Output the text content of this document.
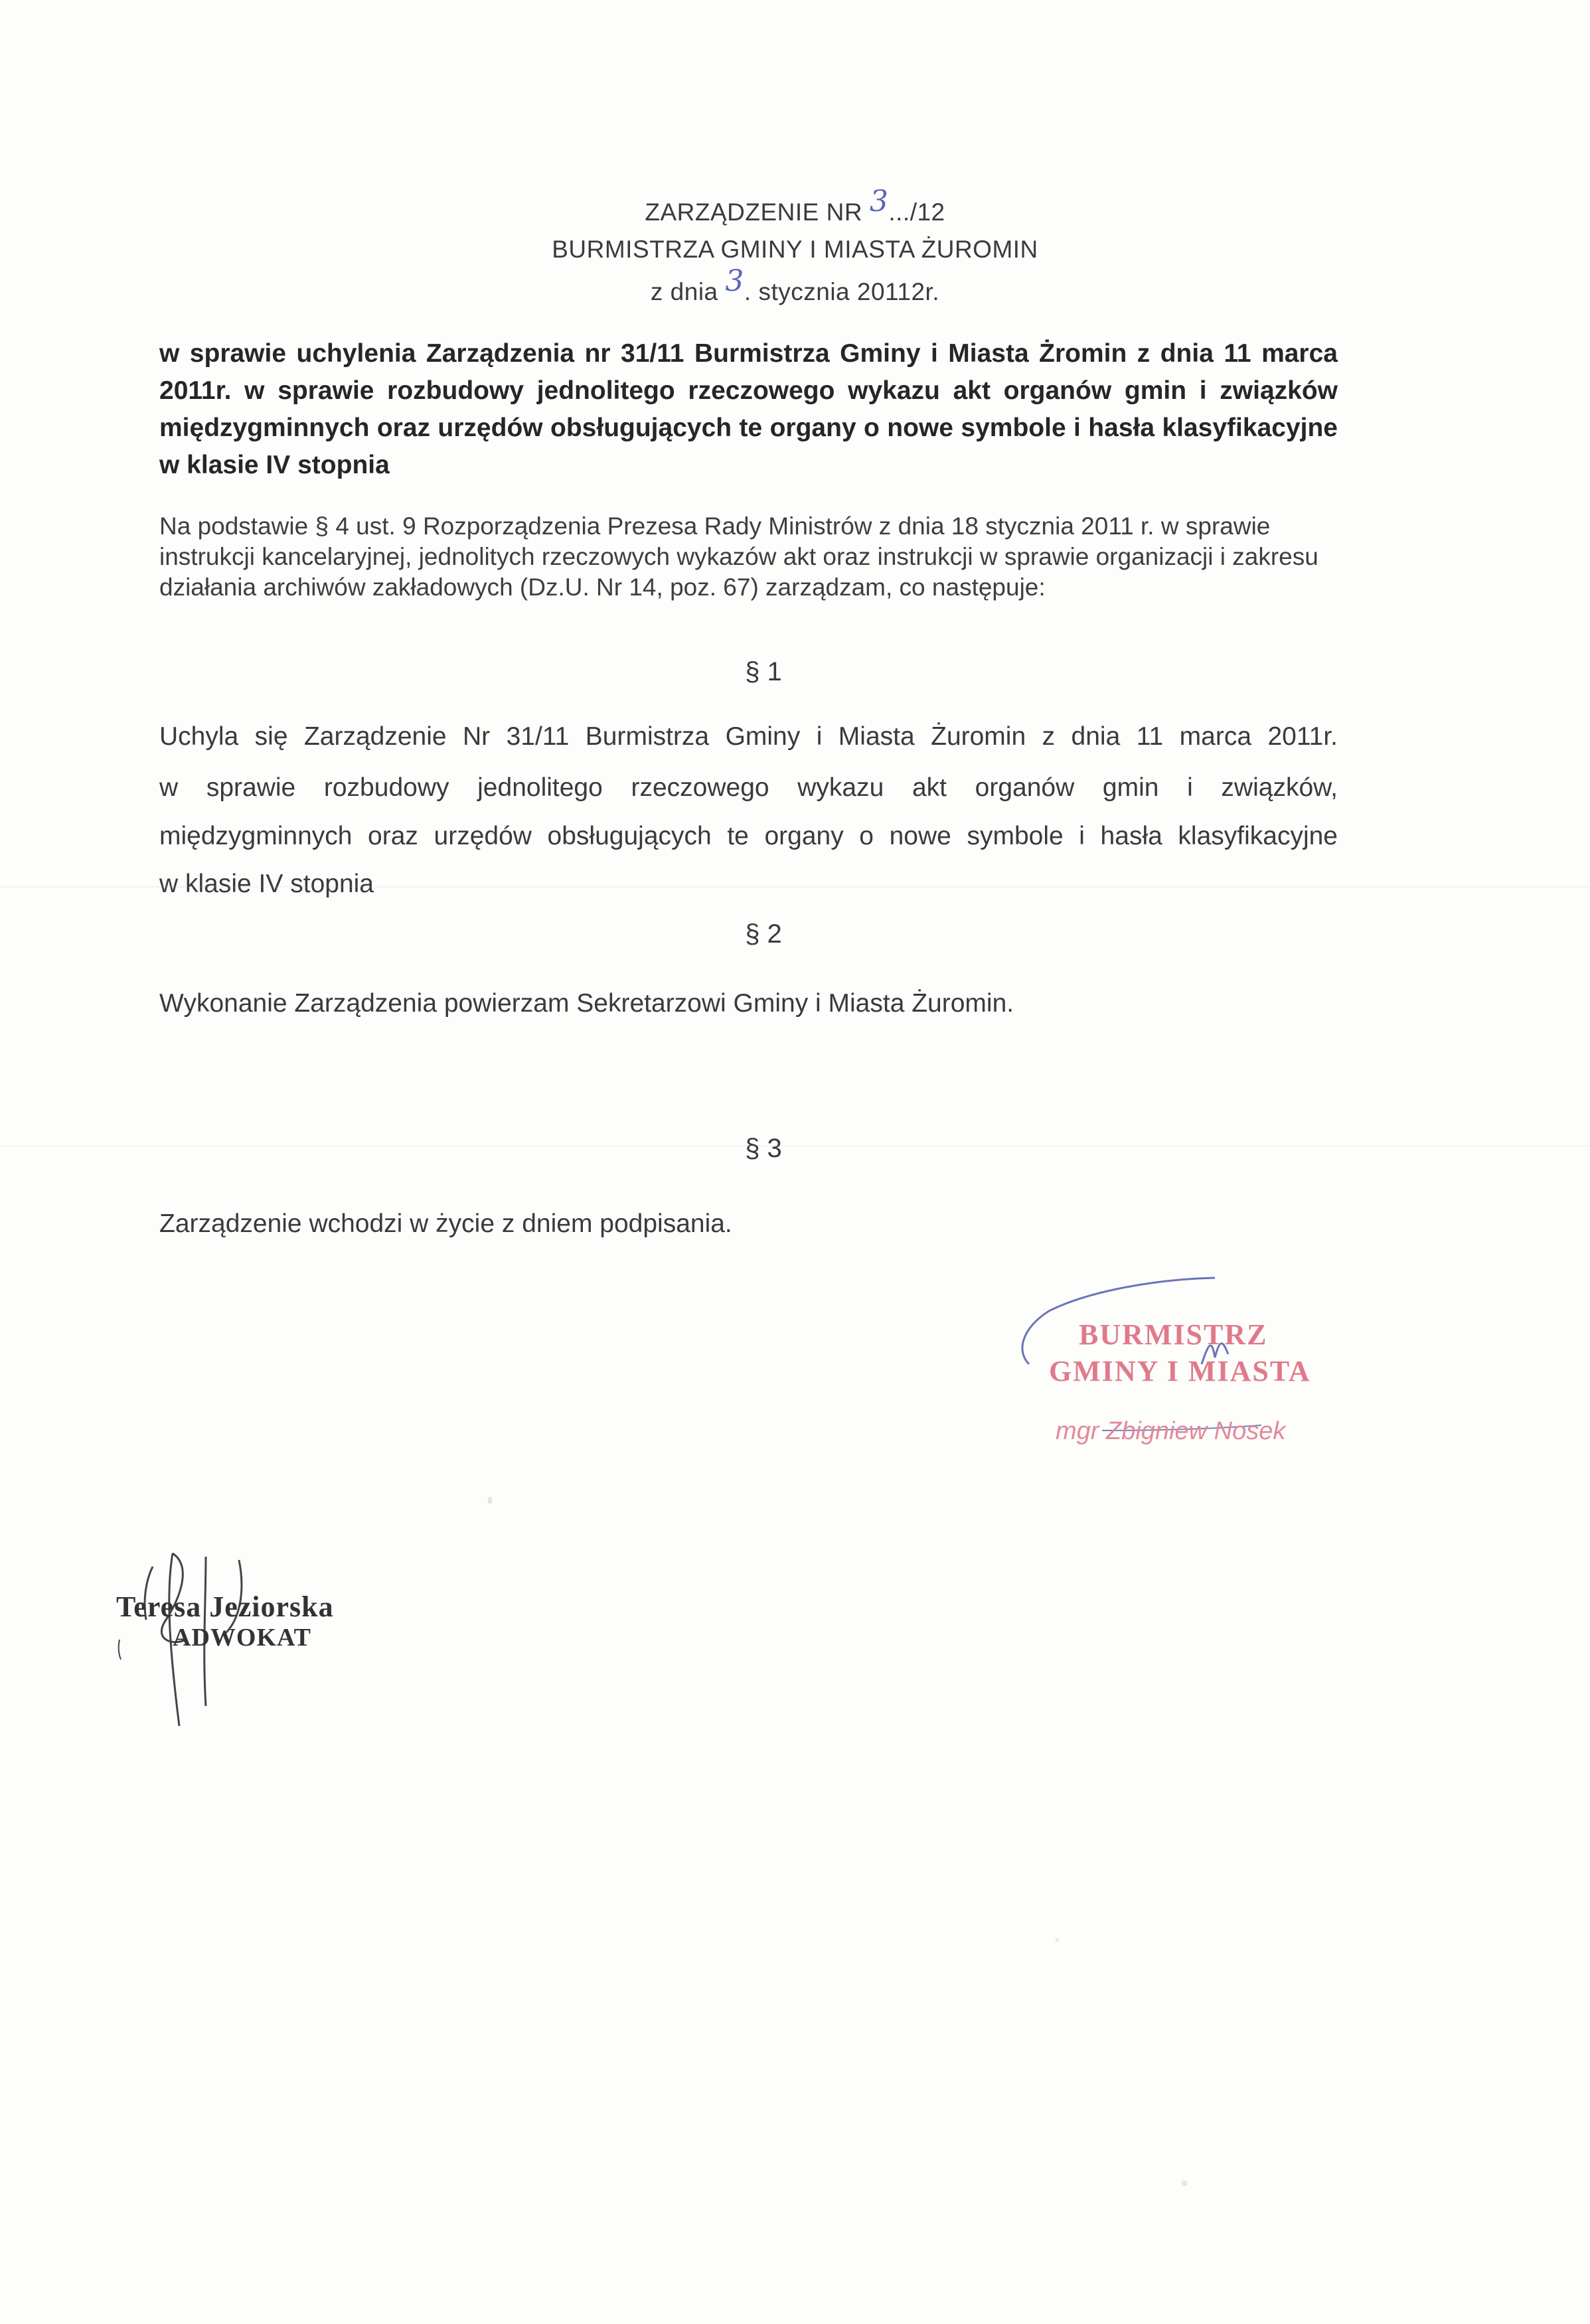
ZARZĄDZENIE NR 3.../12
BURMISTRZA GMINY I MIASTA ŻUROMIN
z dnia 3. stycznia 20112r.
w sprawie uchylenia Zarządzenia nr 31/11 Burmistrza Gminy i Miasta Żromin z dnia 11 marca 2011r. w sprawie rozbudowy jednolitego rzeczowego wykazu akt organów gmin i związków międzygminnych oraz urzędów obsługujących te organy o nowe symbole i hasła klasyfikacyjne w klasie IV stopnia
Na podstawie § 4 ust. 9 Rozporządzenia Prezesa Rady Ministrów z dnia 18 stycznia 2011 r. w sprawie instrukcji kancelaryjnej, jednolitych rzeczowych wykazów akt oraz instrukcji w sprawie organizacji i zakresu działania archiwów zakładowych (Dz.U. Nr 14, poz. 67) zarządzam, co następuje:
§ 1
Uchyla się Zarządzenie Nr 31/11 Burmistrza Gminy i Miasta Żuromin z dnia 11 marca 2011r.
w sprawie rozbudowy jednolitego rzeczowego wykazu akt organów gmin i związków,
międzygminnych oraz urzędów obsługujących te organy o nowe symbole i hasła klasyfikacyjne
w klasie IV stopnia
§ 2
Wykonanie Zarządzenia powierzam Sekretarzowi Gminy i Miasta Żuromin.
§ 3
Zarządzenie wchodzi w życie z dniem podpisania.
BURMISTRZ
GMINY I MIASTA
mgr Zbigniew Nosek
Teresa Jeziorska
ADWOKAT
